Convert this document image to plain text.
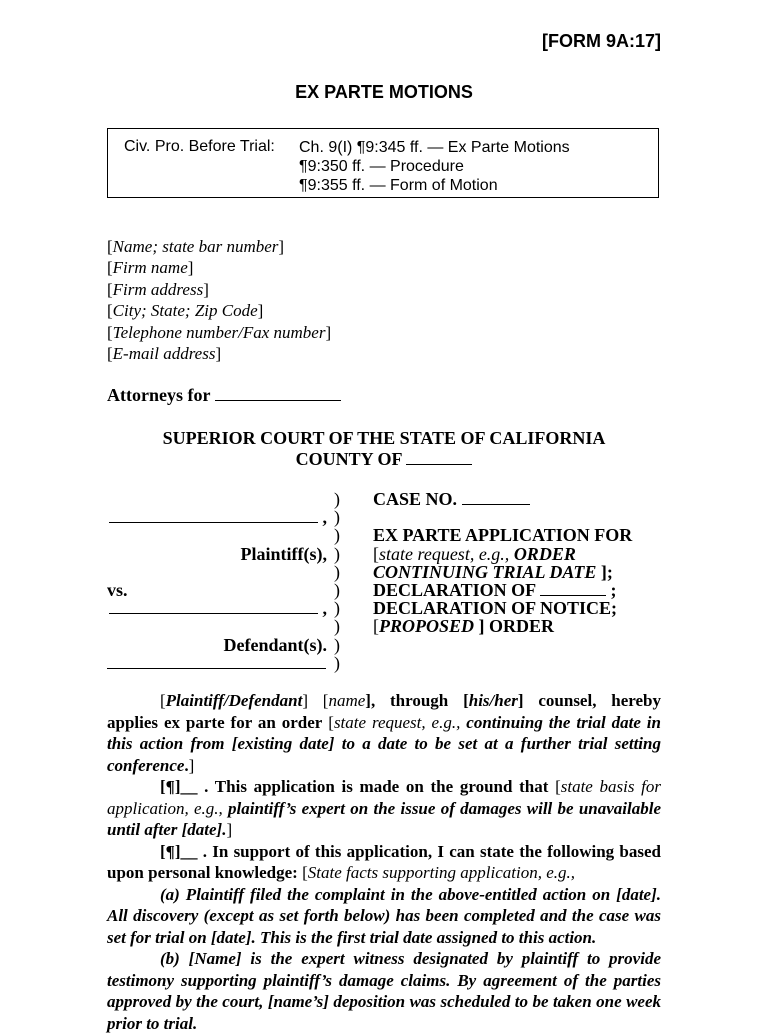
[FORM 9A:17]
EX PARTE MOTIONS
Civ. Pro. Before Trial: Ch. 9(I) ¶9:345 ff. — Ex Parte Motions
¶9:350 ff. — Procedure
¶9:355 ff. — Form of Motion
[Name; state bar number]
[Firm name]
[Firm address]
[City; State; Zip Code]
[Telephone number/Fax number]
[E-mail address]
Attorneys for
SUPERIOR COURT OF THE STATE OF CALIFORNIA
COUNTY OF
,
Plaintiff(s),
vs.
,
Defendant(s).
)
)
)
)
)
)
)
)
)
)
CASE NO.
EX PARTE APPLICATION FOR
[state request, e.g., ORDER
CONTINUING TRIAL DATE ];
DECLARATION OF	;
DECLARATION OF NOTICE;
[PROPOSED ] ORDER

[Plaintiff/Defendant] [name], through [his/her] counsel, hereby applies ex parte for an order [state request, e.g., continuing the trial date in this action from [existing date] to a date to be set at a further trial setting conference.]

[¶]__ . This application is made on the ground that [state basis for application, e.g., plaintiff’s expert on the issue of damages will be unavailable until after [date].]

[¶]__ . In support of this application, I can state the following based upon personal knowledge: [State facts supporting application, e.g.,

(a) Plaintiff filed the complaint in the above-entitled action on [date]. All discovery (except as set forth below) has been completed and the case was set for trial on [date]. This is the first trial date assigned to this action.

(b) [Name] is the expert witness designated by plaintiff to provide testimony supporting plaintiff’s damage claims. By agreement of the parties approved by the court, [name’s] deposition was scheduled to be taken one week prior to trial.
